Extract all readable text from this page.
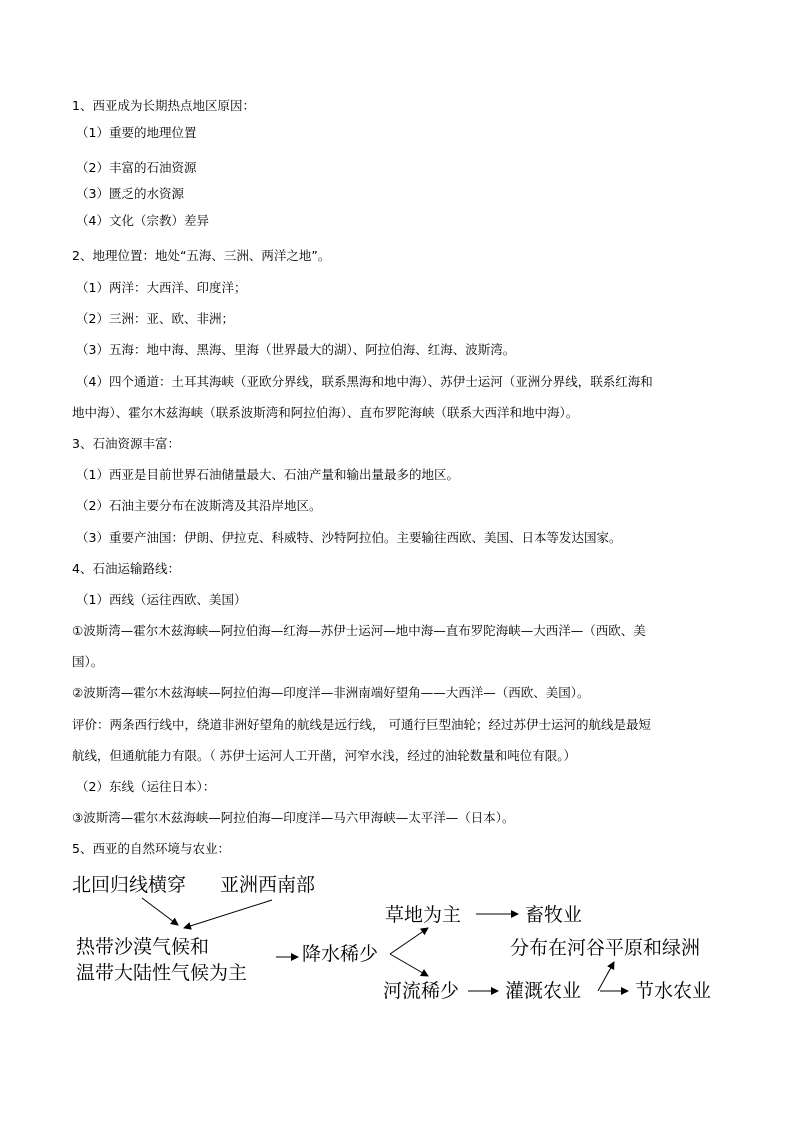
1、西亚成为长期热点地区原因：
（1）重要的地理位置
（2）丰富的石油资源
（3）匮乏的水资源
（4）文化（宗教）差异
2、地理位置：地处“五海、三洲、两洋之地”。
（1）两洋：大西洋、印度洋；
（2）三洲：亚、欧、非洲；
（3）五海：地中海、黑海、里海（世界最大的湖）、阿拉伯海、红海、波斯湾。
（4）四个通道：土耳其海峡（亚欧分界线，联系黑海和地中海）、苏伊士运河（亚洲分界线，联系红海和
地中海）、霍尔木兹海峡（联系波斯湾和阿拉伯海）、直布罗陀海峡（联系大西洋和地中海）。
3、石油资源丰富：
（1）西亚是目前世界石油储量最大、石油产量和输出量最多的地区。
（2）石油主要分布在波斯湾及其沿岸地区。
（3）重要产油国：伊朗、伊拉克、科威特、沙特阿拉伯。主要输往西欧、美国、日本等发达国家。
4、石油运输路线：
（1）西线（运往西欧、美国）
①波斯湾—霍尔木兹海峡—阿拉伯海—红海—苏伊士运河—地中海—直布罗陀海峡—大西洋—（西欧、美
国）。
②波斯湾—霍尔木兹海峡—阿拉伯海—印度洋—非洲南端好望角——大西洋—（西欧、美国）。
评价：两条西行线中，绕道非洲好望角的航线是远行线， 可通行巨型油轮；经过苏伊士运河的航线是最短
航线，但通航能力有限。（ 苏伊士运河人工开凿，河窄水浅，经过的油轮数量和吨位有限。）
（2）东线（运往日本）：
③波斯湾—霍尔木兹海峡—阿拉伯海—印度洋—马六甲海峡—太平洋—（日本）。
5、西亚的自然环境与农业：
北回归线横穿 亚洲西南部
热带沙漠气候和
温带大陆性气候为主
降水稀少
草地为主	畜牧业
河流稀少 灌溉农业
分布在河谷平原和绿洲
节水农业
